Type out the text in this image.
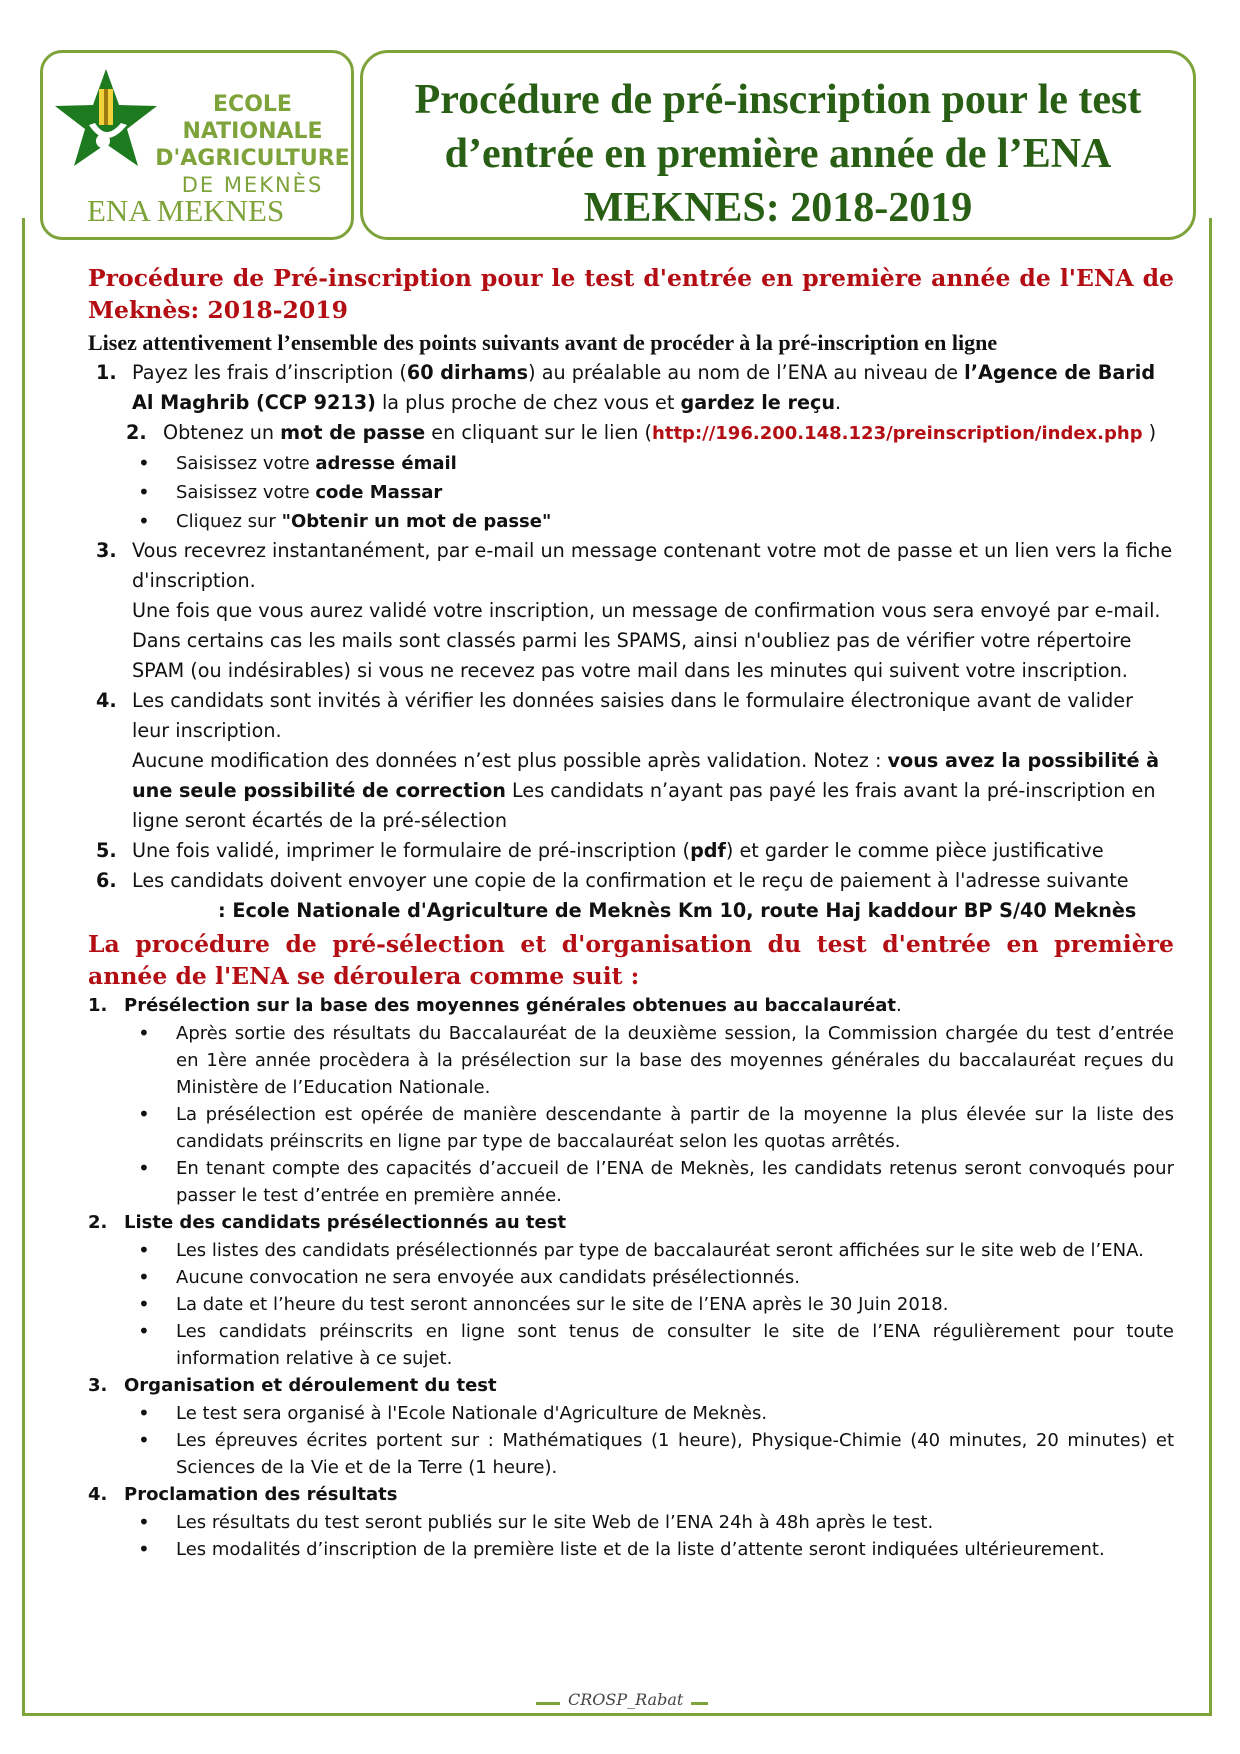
ECOLE NATIONALE
D'AGRICULTURE
DE MEKNÈS
ENA MEKNES
Procédure de pré-inscription pour le test d’entrée en première année de l’ENA MEKNES: 2018-2019

Procédure de Pré-inscription pour le test d'entrée en première année de l'ENA de Meknès: 2018-2019

Lisez attentivement l’ensemble des points suivants avant de procéder à la pré-inscription en ligne

1. Payez les frais d’inscription (60 dirhams) au préalable au nom de l’ENA au niveau de l’Agence de Barid Al Maghrib (CCP 9213) la plus proche de chez vous et gardez le reçu.
2. Obtenez un mot de passe en cliquant sur le lien (http://196.200.148.123/preinscription/index.php )
• Saisissez votre adresse émail
• Saisissez votre code Massar
• Cliquez sur "Obtenir un mot de passe"
3. Vous recevrez instantanément, par e-mail un message contenant votre mot de passe et un lien vers la fiche d'inscription.
Une fois que vous aurez validé votre inscription, un message de confirmation vous sera envoyé par e-mail. Dans certains cas les mails sont classés parmi les SPAMS, ainsi n'oubliez pas de vérifier votre répertoire SPAM (ou indésirables) si vous ne recevez pas votre mail dans les minutes qui suivent votre inscription.
4. Les candidats sont invités à vérifier les données saisies dans le formulaire électronique avant de valider leur inscription.
Aucune modification des données n’est plus possible après validation. Notez : vous avez la possibilité à une seule possibilité de correction Les candidats n’ayant pas payé les frais avant la pré-inscription en ligne seront écartés de la pré-sélection
5. Une fois validé, imprimer le formulaire de pré-inscription (pdf) et garder le comme pièce justificative
6. Les candidats doivent envoyer une copie de la confirmation et le reçu de paiement à l'adresse suivante
: Ecole Nationale d'Agriculture de Meknès Km 10, route Haj kaddour BP S/40 Meknès

La procédure de pré-sélection et d'organisation du test d'entrée en première année de l'ENA se déroulera comme suit :

1. Présélection sur la base des moyennes générales obtenues au baccalauréat.
• Après sortie des résultats du Baccalauréat de la deuxième session, la Commission chargée du test d’entrée en 1ère année procèdera à la présélection sur la base des moyennes générales du baccalauréat reçues du Ministère de l’Education Nationale.
• La présélection est opérée de manière descendante à partir de la moyenne la plus élevée sur la liste des candidats préinscrits en ligne par type de baccalauréat selon les quotas arrêtés.
• En tenant compte des capacités d’accueil de l’ENA de Meknès, les candidats retenus seront convoqués pour passer le test d’entrée en première année.
2. Liste des candidats présélectionnés au test
• Les listes des candidats présélectionnés par type de baccalauréat seront affichées sur le site web de l’ENA.
• Aucune convocation ne sera envoyée aux candidats présélectionnés.
• La date et l’heure du test seront annoncées sur le site de l’ENA après le 30 Juin 2018.
• Les candidats préinscrits en ligne sont tenus de consulter le site de l’ENA régulièrement pour toute information relative à ce sujet.
3. Organisation et déroulement du test
• Le test sera organisé à l'Ecole Nationale d'Agriculture de Meknès.
• Les épreuves écrites portent sur : Mathématiques (1 heure), Physique-Chimie (40 minutes, 20 minutes) et Sciences de la Vie et de la Terre (1 heure).
4. Proclamation des résultats
• Les résultats du test seront publiés sur le site Web de l’ENA 24h à 48h après le test.
• Les modalités d’inscription de la première liste et de la liste d’attente seront indiquées ultérieurement.
CROSP_Rabat
